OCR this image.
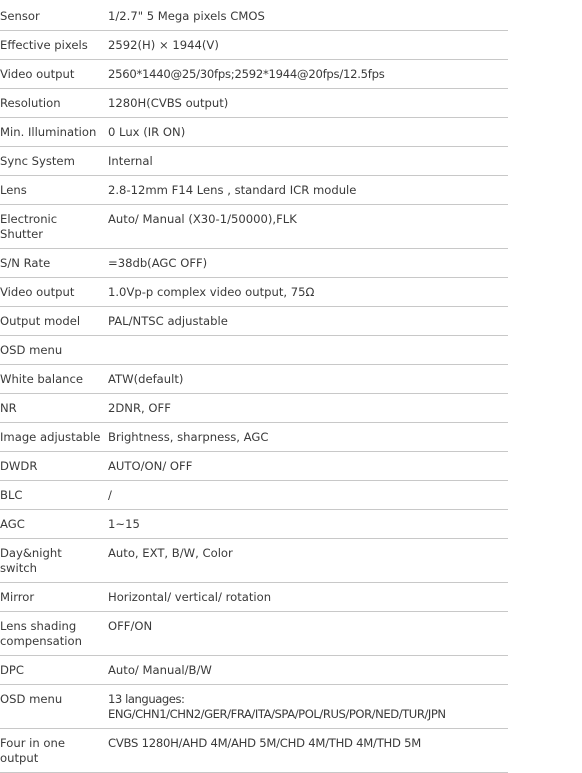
Sensor	1/2.7" 5 Mega pixels CMOS

Effective pixels	2592(H) × 1944(V)

Video output	2560*1440@25/30fps;2592*1944@20fps/12.5fps

Resolution	1280H(CVBS output)

Min. Illumination	0 Lux (IR ON)

Sync System	Internal

Lens	2.8-12mm F14 Lens , standard ICR module

Electronic Shutter	Auto/ Manual (X30-1/50000),FLK

S/N Rate	=38db(AGC OFF)

Video output	1.0Vp-p complex video output, 75Ω

Output model	PAL/NTSC adjustable

OSD menu	

White balance	ATW(default)

NR	2DNR, OFF

Image adjustable	Brightness, sharpness, AGC

DWDR	AUTO/ON/ OFF

BLC	/

AGC	1~15

Day&night switch	Auto, EXT, B/W, Color

Mirror	Horizontal/ vertical/ rotation

Lens shading compensation	OFF/ON

DPC	Auto/ Manual/B/W

OSD menu	13 languages:
ENG/CHN1/CHN2/GER/FRA/ITA/SPA/POL/RUS/POR/NED/TUR/JPN

Four in one output	CVBS 1280H/AHD 4M/AHD 5M/CHD 4M/THD 4M/THD 5M
